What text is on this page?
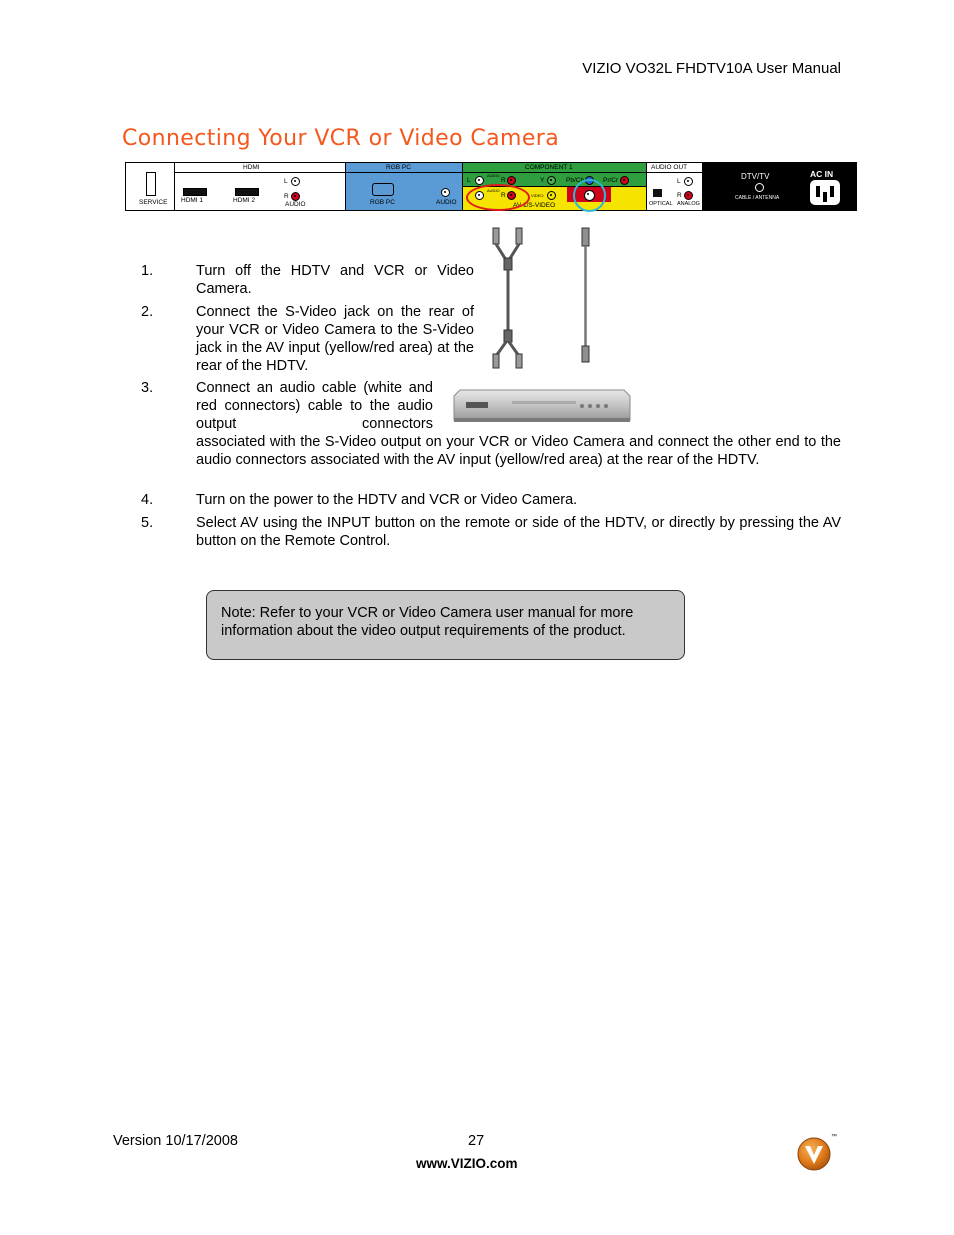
VIZIO VO32L FHDTV10A User Manual
Connecting Your VCR or Video Camera
SERVICE
HDMI
HDMI 1	HDMI 2
L
R
AUDIO
RGB PC
RGB PC	AUDIO
COMPONENT 1
L
AUDIO
R	Y	Pb/Cb	Pr/Cr
AUDIO
R	VIDEO
AV 1/S-VIDEO
AUDIO OUT
OPTICAL
L
R
ANALOG
DTV/TV
CABLE / ANTENNA
AC IN
1.	Turn off the HDTV and VCR or Video Camera.
2.	Connect the S-Video jack on the rear of your VCR or Video Camera to the S-Video jack in the AV input (yellow/red area) at the rear of the HDTV.
3.	Connect an audio cable (white and red connectors) cable to the audio output connectors
associated with the S-Video output on your VCR or Video Camera and connect the other end to the audio connectors associated with the AV input (yellow/red area) at the rear of the HDTV.
4.	Turn on the power to the HDTV and VCR or Video Camera.
5.	Select AV using the INPUT button on the remote or side of the HDTV, or directly by pressing the AV button on the Remote Control.
Note: Refer to your VCR or Video Camera user manual for more information about the video output requirements of the product.
Version 10/17/2008	27
www.VIZIO.com
™
